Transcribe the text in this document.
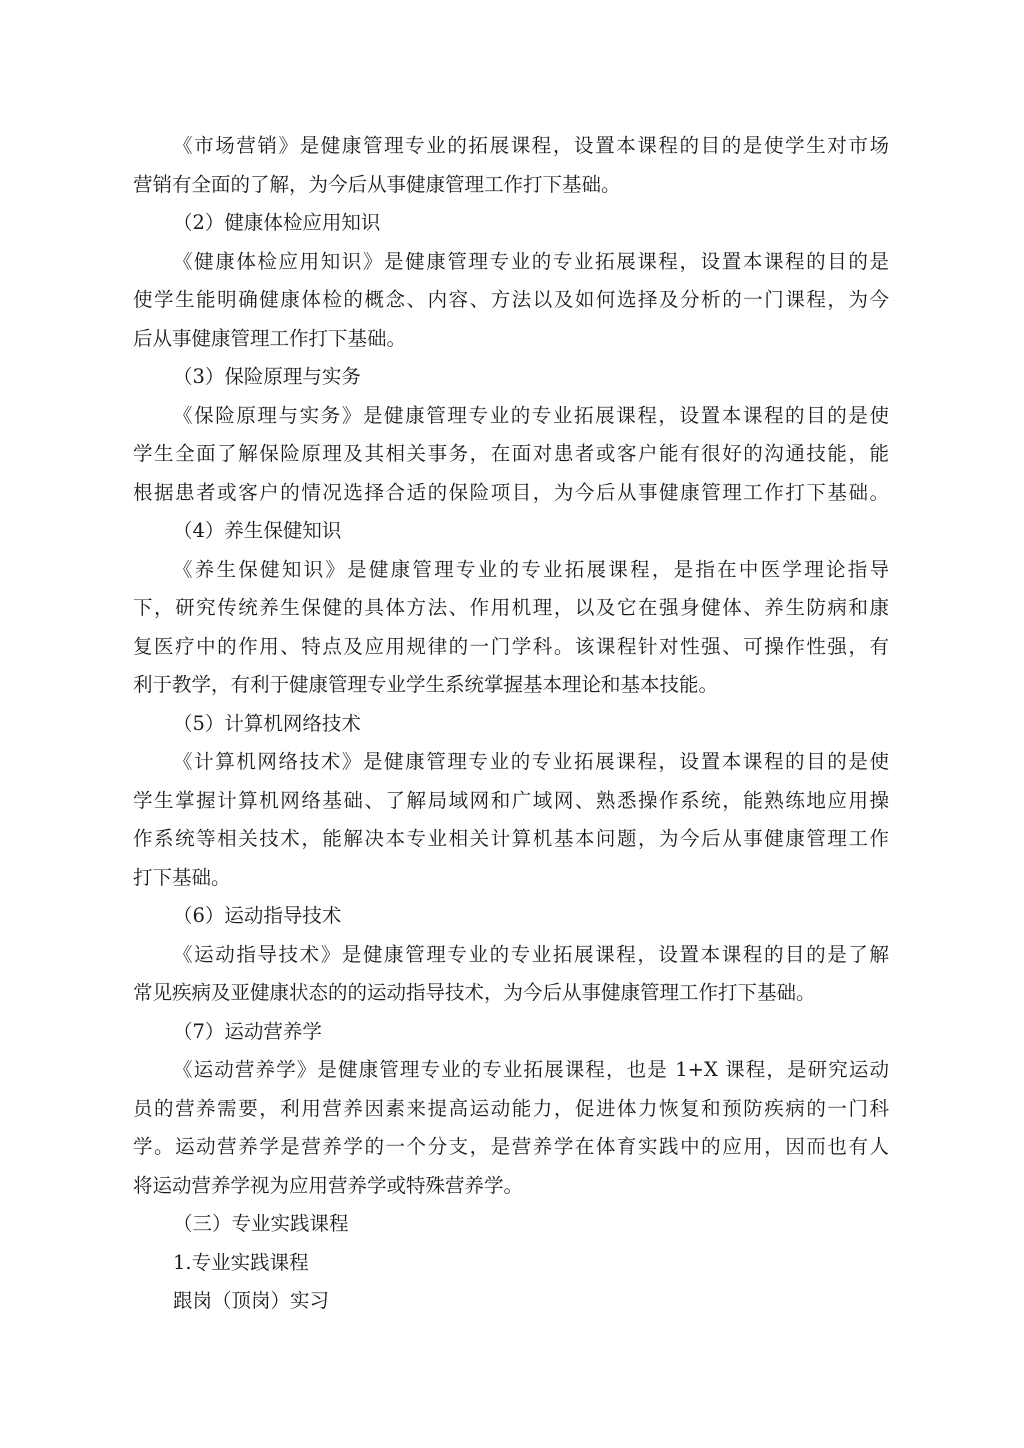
《市场营销》是健康管理专业的拓展课程，设置本课程的目的是使学生对市场
营销有全面的了解，为今后从事健康管理工作打下基础。
（2）健康体检应用知识
《健康体检应用知识》是健康管理专业的专业拓展课程，设置本课程的目的是
使学生能明确健康体检的概念、内容、方法以及如何选择及分析的一门课程，为今
后从事健康管理工作打下基础。
（3）保险原理与实务
《保险原理与实务》是健康管理专业的专业拓展课程，设置本课程的目的是使
学生全面了解保险原理及其相关事务，在面对患者或客户能有很好的沟通技能，能
根据患者或客户的情况选择合适的保险项目，为今后从事健康管理工作打下基础。
（4）养生保健知识
《养生保健知识》是健康管理专业的专业拓展课程，是指在中医学理论指导
下，研究传统养生保健的具体方法、作用机理，以及它在强身健体、养生防病和康
复医疗中的作用、特点及应用规律的一门学科。该课程针对性强、可操作性强，有
利于教学，有利于健康管理专业学生系统掌握基本理论和基本技能。
（5）计算机网络技术
《计算机网络技术》是健康管理专业的专业拓展课程，设置本课程的目的是使
学生掌握计算机网络基础、了解局域网和广域网、熟悉操作系统，能熟练地应用操
作系统等相关技术，能解决本专业相关计算机基本问题，为今后从事健康管理工作
打下基础。
（6）运动指导技术
《运动指导技术》是健康管理专业的专业拓展课程，设置本课程的目的是了解
常见疾病及亚健康状态的的运动指导技术，为今后从事健康管理工作打下基础。
（7）运动营养学
《运动营养学》是健康管理专业的专业拓展课程，也是 1+X 课程，是研究运动
员的营养需要，利用营养因素来提高运动能力，促进体力恢复和预防疾病的一门科
学。运动营养学是营养学的一个分支，是营养学在体育实践中的应用，因而也有人
将运动营养学视为应用营养学或特殊营养学。
（三）专业实践课程
1.专业实践课程
跟岗（顶岗）实习
